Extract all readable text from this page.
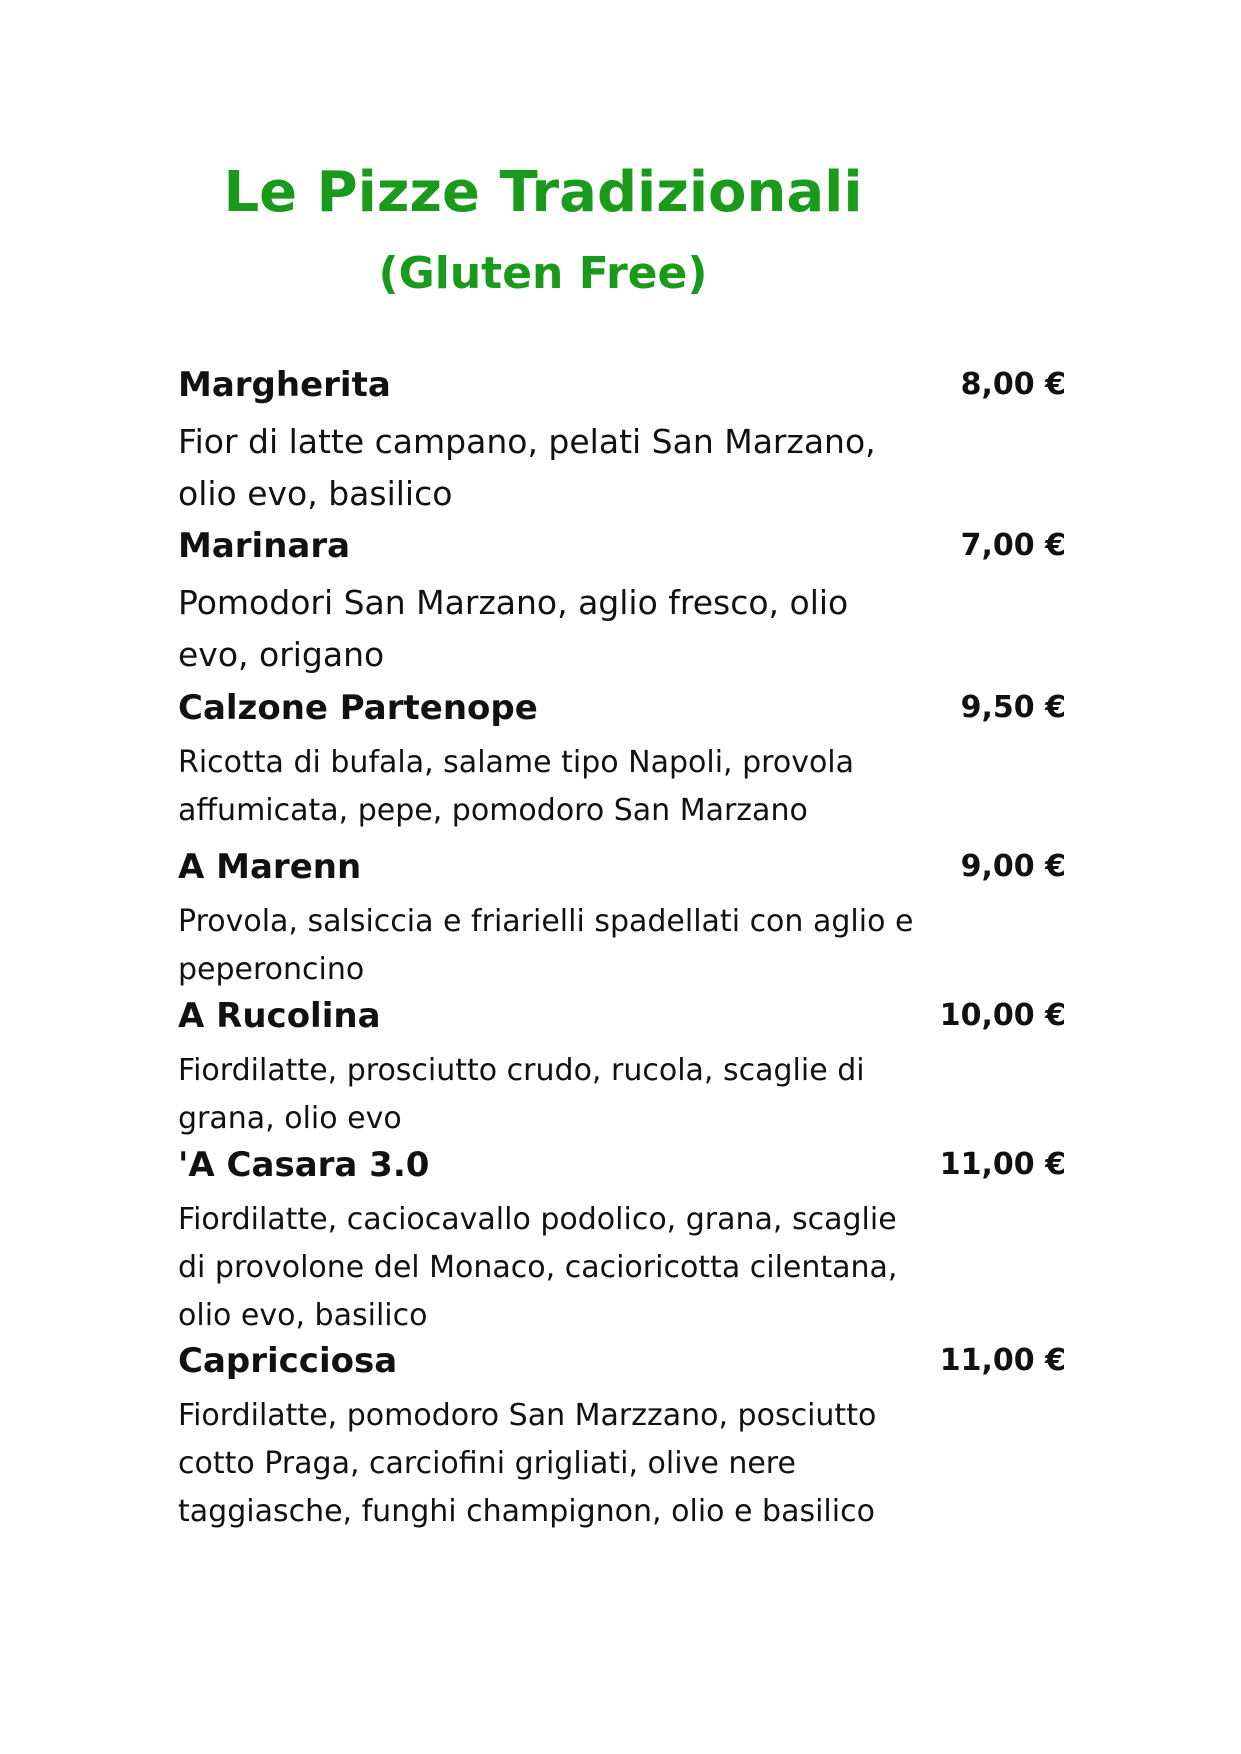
Le Pizze Tradizionali
(Gluten Free)
Margherita	8,00 €
Fior di latte campano, pelati San Marzano, olio evo, basilico
Marinara	7,00 €
Pomodori San Marzano, aglio fresco, olio evo, origano
Calzone Partenope	9,50 €
Ricotta di bufala, salame tipo Napoli, provola affumicata, pepe, pomodoro San Marzano
A Marenn	9,00 €
Provola, salsiccia e friarielli spadellati con aglio e peperoncino
A Rucolina	10,00 €
Fiordilatte, prosciutto crudo, rucola, scaglie di grana, olio evo
'A Casara 3.0	11,00 €
Fiordilatte, caciocavallo podolico, grana, scaglie di provolone del Monaco, cacioricotta cilentana, olio evo, basilico
Capricciosa	11,00 €
Fiordilatte, pomodoro San Marzzano, posciutto cotto Praga, carciofini grigliati, olive nere taggiasche, funghi champignon, olio e basilico
